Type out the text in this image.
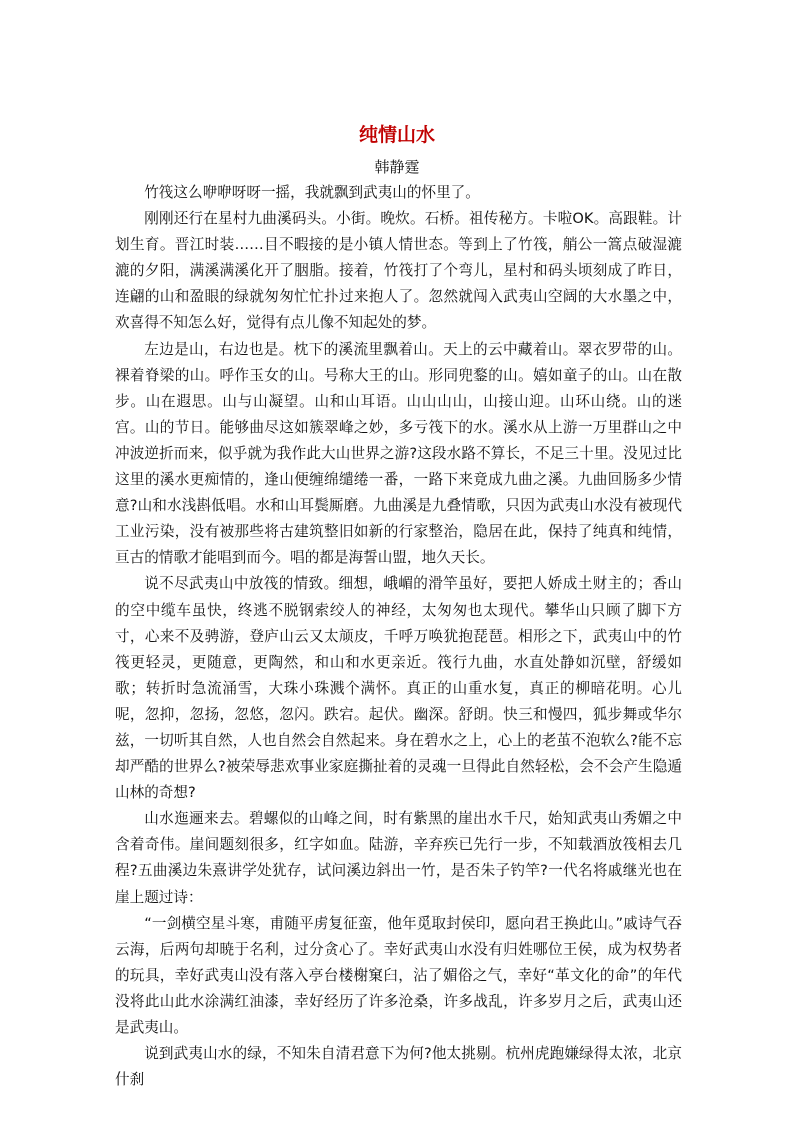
纯情山水
韩静霆

竹筏这么咿咿呀呀一摇，我就飘到武夷山的怀里了。

刚刚还行在星村九曲溪码头。小街。晚炊。石桥。祖传秘方。卡啦OK。高跟鞋。计划生育。晋江时装……目不暇接的是小镇人情世态。等到上了竹筏，艄公一篙点破湿漉漉的夕阳，满溪满溪化开了胭脂。接着，竹筏打了个弯儿，星村和码头顷刻成了昨日，连翩的山和盈眼的绿就匆匆忙忙扑过来抱人了。忽然就闯入武夷山空阔的大水墨之中，欢喜得不知怎么好，觉得有点儿像不知起处的梦。

左边是山，右边也是。枕下的溪流里飘着山。天上的云中藏着山。翠衣罗带的山。裸着脊梁的山。呼作玉女的山。号称大王的山。形同兜鍪的山。嬉如童子的山。山在散步。山在遐思。山与山凝望。山和山耳语。山山山山，山接山迎。山环山绕。山的迷宫。山的节日。能够曲尽这如簇翠峰之妙，多亏筏下的水。溪水从上游一万里群山之中冲波逆折而来，似乎就为我作此大山世界之游?这段水路不算长，不足三十里。没见过比这里的溪水更痴情的，逢山便缠绵缱绻一番，一路下来竟成九曲之溪。九曲回肠多少情意?山和水浅斟低唱。水和山耳鬓厮磨。九曲溪是九叠情歌，只因为武夷山水没有被现代工业污染，没有被那些将古建筑整旧如新的行家整治，隐居在此，保持了纯真和纯情，亘古的情歌才能唱到而今。唱的都是海誓山盟，地久天长。

说不尽武夷山中放筏的情致。细想，峨嵋的滑竿虽好，要把人娇成土财主的；香山的空中缆车虽快，终逃不脱钢索绞人的神经，太匆匆也太现代。攀华山只顾了脚下方寸，心来不及骋游，登庐山云又太颃皮，千呼万唤犹抱琵琶。相形之下，武夷山中的竹筏更轻灵，更随意，更陶然，和山和水更亲近。筏行九曲，水直处静如沉壁，舒缓如歌；转折时急流涌雪，大珠小珠溅个满怀。真正的山重水复，真正的柳暗花明。心儿呢，忽抑，忽扬，忽悠，忽闪。跌宕。起伏。幽深。舒朗。快三和慢四，狐步舞或华尔兹，一切听其自然，人也自然会自然起来。身在碧水之上，心上的老茧不泡软么?能不忘却严酷的世界么?被荣辱悲欢事业家庭撕扯着的灵魂一旦得此自然轻松，会不会产生隐遁山林的奇想?

山水迤逦来去。碧螺似的山峰之间，时有紫黑的崖出水千尺，始知武夷山秀媚之中含着奇伟。崖间题刻很多，红字如血。陆游，辛弃疾已先行一步，不知载酒放筏相去几程?五曲溪边朱熹讲学处犹存，试问溪边斜出一竹，是否朱子钓竿?一代名将戚继光也在崖上题过诗：

“一剑横空星斗寒，甫随平虏复征蛮，他年觅取封侯印，愿向君王换此山。”戚诗气吞云海，后两句却暁于名利，过分贪心了。幸好武夷山水没有归姓哪位王侯，成为权势者的玩具，幸好武夷山没有落入亭台楼榭窠臼，沾了媚俗之气，幸好“革文化的命”的年代没将此山此水涂满红油漆，幸好经历了许多沧桑，许多战乱，许多岁月之后，武夷山还是武夷山。

说到武夷山水的绿，不知朱自清君意下为何?他太挑剔。杭州虎跑嫌绿得太浓，北京什刹
